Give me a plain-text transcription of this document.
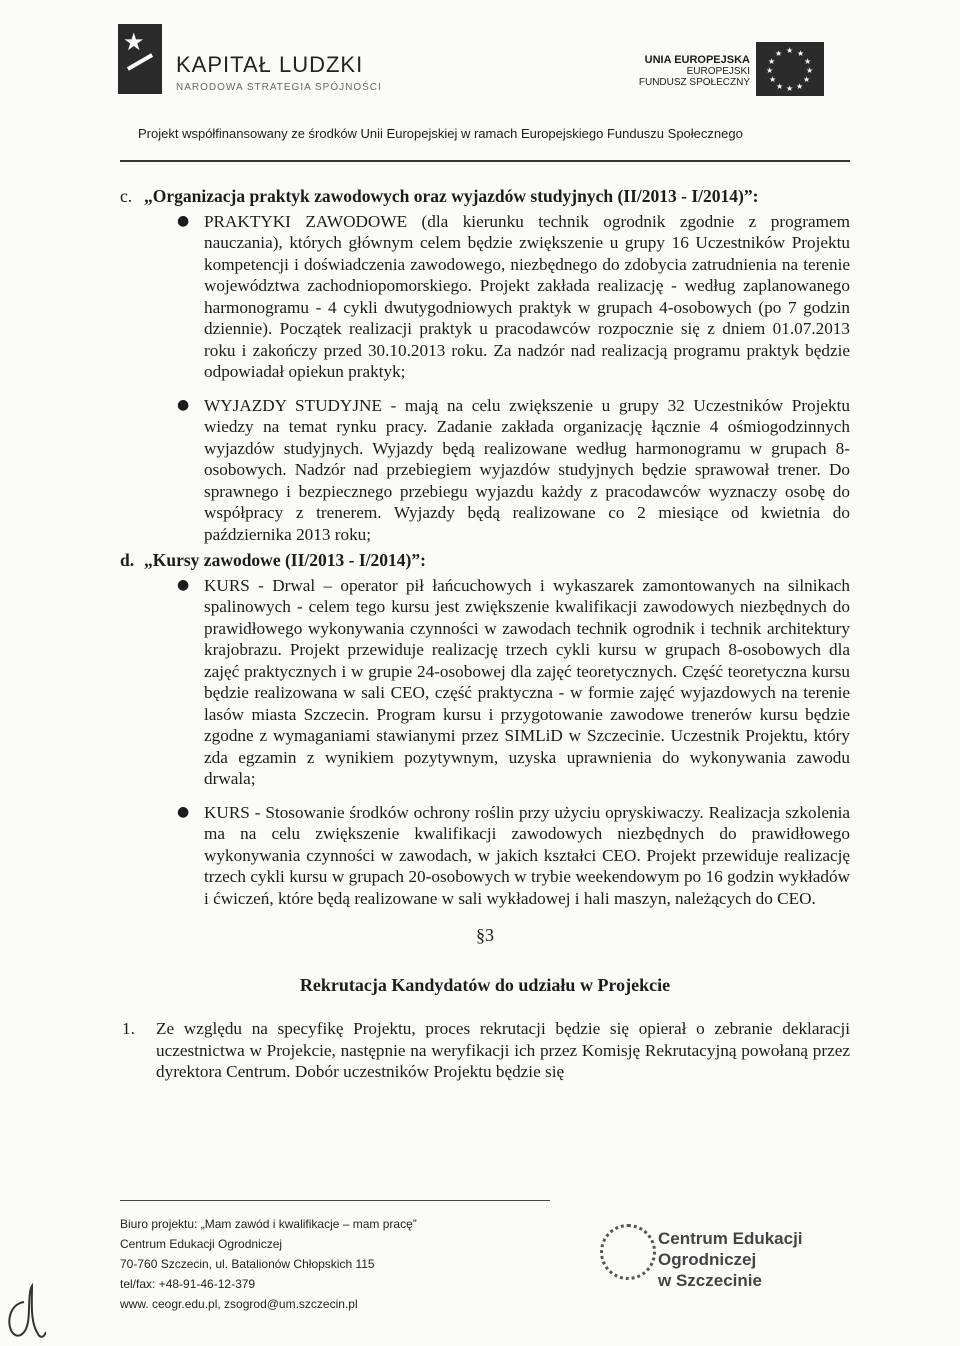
★
KAPITAŁ LUDZKI
NARODOWA STRATEGIA SPÓJNOŚCI
UNIA EUROPEJSKA
EUROPEJSKI
FUNDUSZ SPOŁECZNY
★ ★
★
★
★
★
★
★
★
★
★
★
Projekt współfinansowany ze środków Unii Europejskiej w ramach Europejskiego Funduszu Społecznego
c. „Organizacja praktyk zawodowych oraz wyjazdów studyjnych (II/2013 - I/2014)”:
● PRAKTYKI ZAWODOWE (dla kierunku technik ogrodnik zgodnie z programem nauczania), których głównym celem będzie zwiększenie u grupy 16 Uczestników Projektu kompetencji i doświadczenia zawodowego, niezbędnego do zdobycia zatrudnienia na terenie województwa zachodniopomorskiego. Projekt zakłada realizację - według zaplanowanego harmonogramu - 4 cykli dwutygodniowych praktyk w grupach 4-osobowych (po 7 godzin dziennie). Początek realizacji praktyk u pracodawców rozpocznie się z dniem 01.07.2013 roku i zakończy przed 30.10.2013 roku. Za nadzór nad realizacją programu praktyk będzie odpowiadał opiekun praktyk;
● WYJAZDY STUDYJNE - mają na celu zwiększenie u grupy 32 Uczestników Projektu wiedzy na temat rynku pracy. Zadanie zakłada organizację łącznie 4 ośmiogodzinnych wyjazdów studyjnych. Wyjazdy będą realizowane według harmonogramu w grupach 8-osobowych. Nadzór nad przebiegiem wyjazdów studyjnych będzie sprawował trener. Do sprawnego i bezpiecznego przebiegu wyjazdu każdy z pracodawców wyznaczy osobę do współpracy z trenerem. Wyjazdy będą realizowane co 2 miesiące od kwietnia do października 2013 roku;
d. „Kursy zawodowe (II/2013 - I/2014)”:
● KURS - Drwal – operator pił łańcuchowych i wykaszarek zamontowanych na silnikach spalinowych - celem tego kursu jest zwiększenie kwalifikacji zawodowych niezbędnych do prawidłowego wykonywania czynności w zawodach technik ogrodnik i technik architektury krajobrazu. Projekt przewiduje realizację trzech cykli kursu w grupach 8-osobowych dla zajęć praktycznych i w grupie 24-osobowej dla zajęć teoretycznych. Część teoretyczna kursu będzie realizowana w sali CEO, część praktyczna - w formie zajęć wyjazdowych na terenie lasów miasta Szczecin. Program kursu i przygotowanie zawodowe trenerów kursu będzie zgodne z wymaganiami stawianymi przez SIMLiD w Szczecinie. Uczestnik Projektu, który zda egzamin z wynikiem pozytywnym, uzyska uprawnienia do wykonywania zawodu drwala;
● KURS - Stosowanie środków ochrony roślin przy użyciu opryskiwaczy. Realizacja szkolenia ma na celu zwiększenie kwalifikacji zawodowych niezbędnych do prawidłowego wykonywania czynności w zawodach, w jakich kształci CEO. Projekt przewiduje realizację trzech cykli kursu w grupach 20-osobowych w trybie weekendowym po 16 godzin wykładów i ćwiczeń, które będą realizowane w sali wykładowej i hali maszyn, należących do CEO.
§3
Rekrutacja Kandydatów do udziału w Projekcie
1. Ze względu na specyfikę Projektu, proces rekrutacji będzie się opierał o zebranie deklaracji uczestnictwa w Projekcie, następnie na weryfikacji ich przez Komisję Rekrutacyjną powołaną przez dyrektora Centrum. Dobór uczestników Projektu będzie się
Biuro projektu: „Mam zawód i kwalifikacje – mam pracę”
Centrum Edukacji Ogrodniczej
70-760 Szczecin, ul. Batalionów Chłopskich 115
tel/fax: +48-91-46-12-379
www. ceogr.edu.pl, zsogrod@um.szczecin.pl
Centrum Edukacji
Ogrodniczej
w Szczecinie
